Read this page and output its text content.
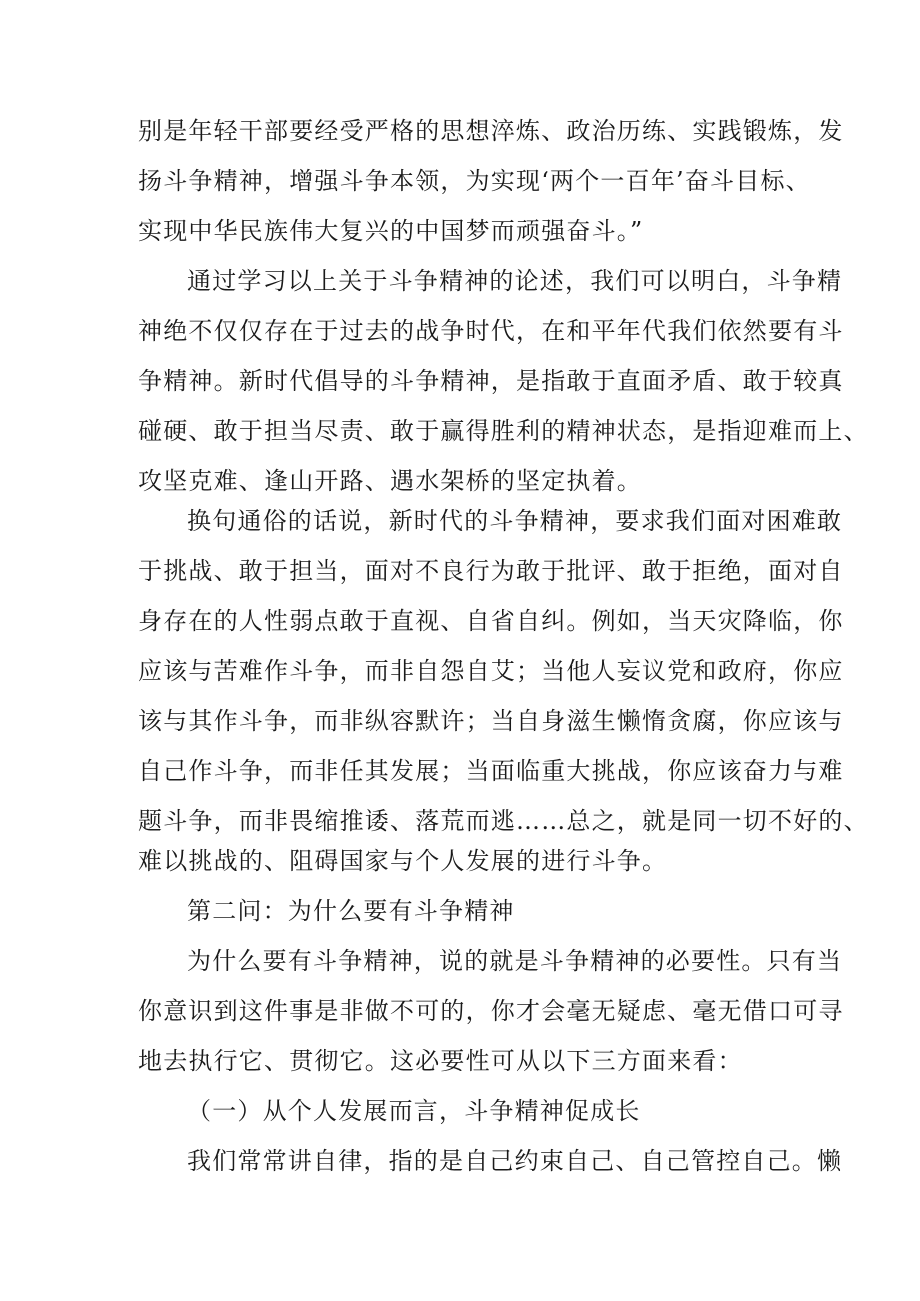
别是年轻干部要经受严格的思想淬炼、政治历练、实践锻炼，发
扬斗争精神，增强斗争本领，为实现‘两个一百年’奋斗目标、
实现中华民族伟大复兴的中国梦而顽强奋斗。”
通过学习以上关于斗争精神的论述，我们可以明白，斗争精
神绝不仅仅存在于过去的战争时代，在和平年代我们依然要有斗
争精神。新时代倡导的斗争精神，是指敢于直面矛盾、敢于较真
碰硬、敢于担当尽责、敢于赢得胜利的精神状态，是指迎难而上、
攻坚克难、逢山开路、遇水架桥的坚定执着。
换句通俗的话说，新时代的斗争精神，要求我们面对困难敢
于挑战、敢于担当，面对不良行为敢于批评、敢于拒绝，面对自
身存在的人性弱点敢于直视、自省自纠。例如，当天灾降临，你
应该与苦难作斗争，而非自怨自艾；当他人妄议党和政府，你应
该与其作斗争，而非纵容默许；当自身滋生懒惰贪腐，你应该与
自己作斗争，而非任其发展；当面临重大挑战，你应该奋力与难
题斗争，而非畏缩推诿、落荒而逃……总之，就是同一切不好的、
难以挑战的、阻碍国家与个人发展的进行斗争。
第二问：为什么要有斗争精神
为什么要有斗争精神，说的就是斗争精神的必要性。只有当
你意识到这件事是非做不可的，你才会毫无疑虑、毫无借口可寻
地去执行它、贯彻它。这必要性可从以下三方面来看：
（一）从个人发展而言，斗争精神促成长
我们常常讲自律，指的是自己约束自己、自己管控自己。懒
